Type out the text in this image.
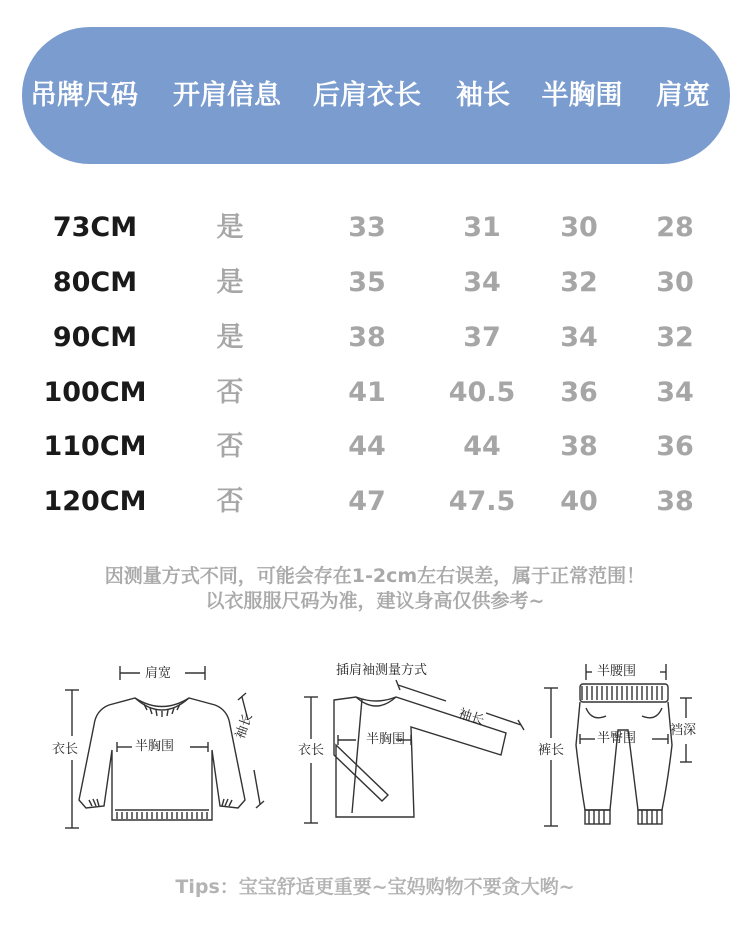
吊牌尺码	开肩信息	后肩衣长	袖长	半胸围	肩宽
73CM	是	33	31	30	28
80CM	是	35	34	32	30
90CM	是	38	37	34	32
100CM	否	41	40.5	36	34
110CM	否	44	44	38	36
120CM	否	47	47.5	40	38
因测量方式不同，可能会存在1-2cm左右误差，属于正常范围！
以衣服服尺码为准，建议身高仅供参考~
肩宽
衣长	半胸围
袖长
插肩袖测量方式
袖长
衣长
半胸围
半腰围
裤长
半臀围
裆深
Tips：宝宝舒适更重要~宝妈购物不要贪大哟~
